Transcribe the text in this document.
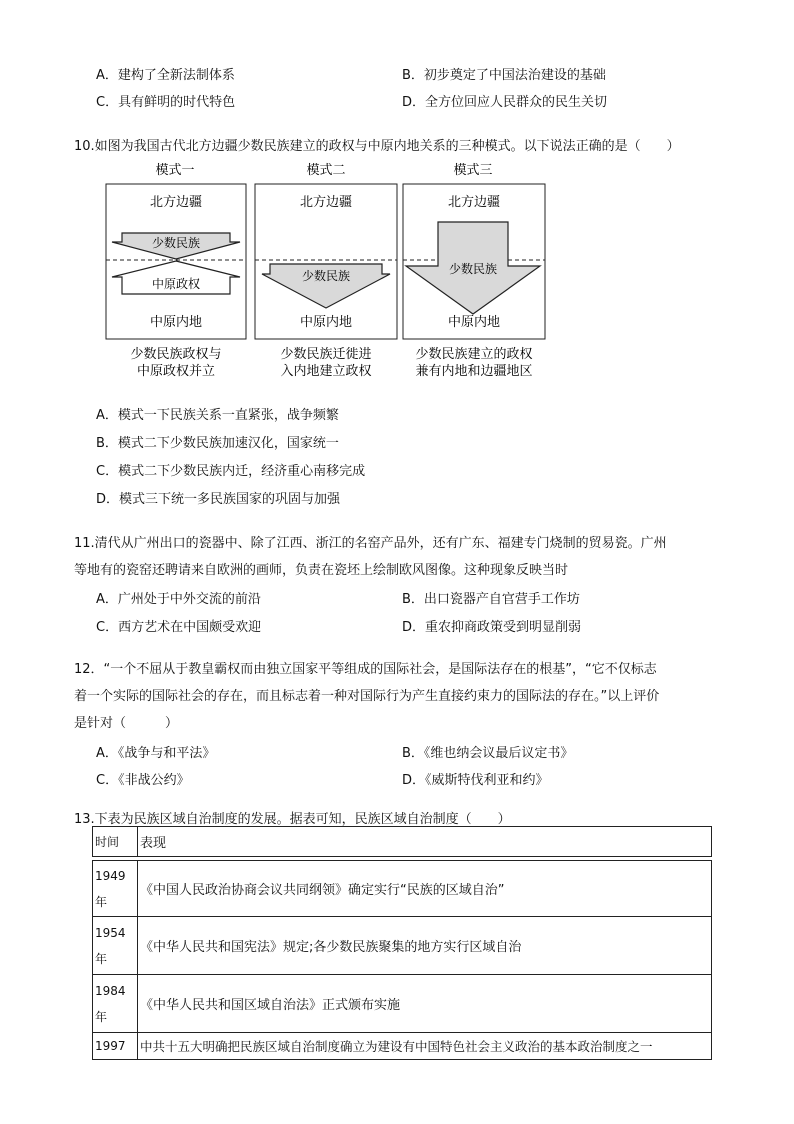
A．建构了全新法制体系	B．初步奠定了中国法治建设的基础
C．具有鲜明的时代特色	D．全方位回应人民群众的民生关切
10.如图为我国古代北方边疆少数民族建立的政权与中原内地关系的三种模式。以下说法正确的是（　　）
模式一	模式二	模式三
北方边疆	北方边疆	北方边疆
少数民族
中原政权
少数民族	少数民族
中原内地	中原内地	中原内地
少数民族政权与
中原政权并立
少数民族迁徙进
入内地建立政权
少数民族建立的政权
兼有内地和边疆地区
A．模式一下民族关系一直紧张，战争频繁
B．模式二下少数民族加速汉化，国家统一
C．模式二下少数民族内迁，经济重心南移完成
D．模式三下统一多民族国家的巩固与加强
11.清代从广州出口的瓷器中、除了江西、浙江的名窑产品外，还有广东、福建专门烧制的贸易瓷。广州
等地有的瓷窑还聘请来自欧洲的画师，负责在瓷坯上绘制欧风图像。这种现象反映当时
A．广州处于中外交流的前沿	B．出口瓷器产自官营手工作坊
C．西方艺术在中国颇受欢迎	D．重农抑商政策受到明显削弱
12．“一个不屈从于教皇霸权而由独立国家平等组成的国际社会，是国际法存在的根基”，“它不仅标志
着一个实际的国际社会的存在，而且标志着一种对国际行为产生直接约束力的国际法的存在。”以上评价
是针对（　　　）
A．《战争与和平法》	B．《维也纳会议最后议定书》
C．《非战公约》	D．《威斯特伐利亚和约》
13.下表为民族区域自治制度的发展。据表可知，民族区域自治制度（　　）
时间	表现

1949年	《中国人民政治协商会议共同纲领》确定实行“民族的区域自治”
1954年	《中华人民共和国宪法》规定;各少数民族聚集的地方实行区域自治
1984年	《中华人民共和国区域自治法》正式颁布实施
1997	中共十五大明确把民族区域自治制度确立为建设有中国特色社会主义政治的基本政治制度之一
